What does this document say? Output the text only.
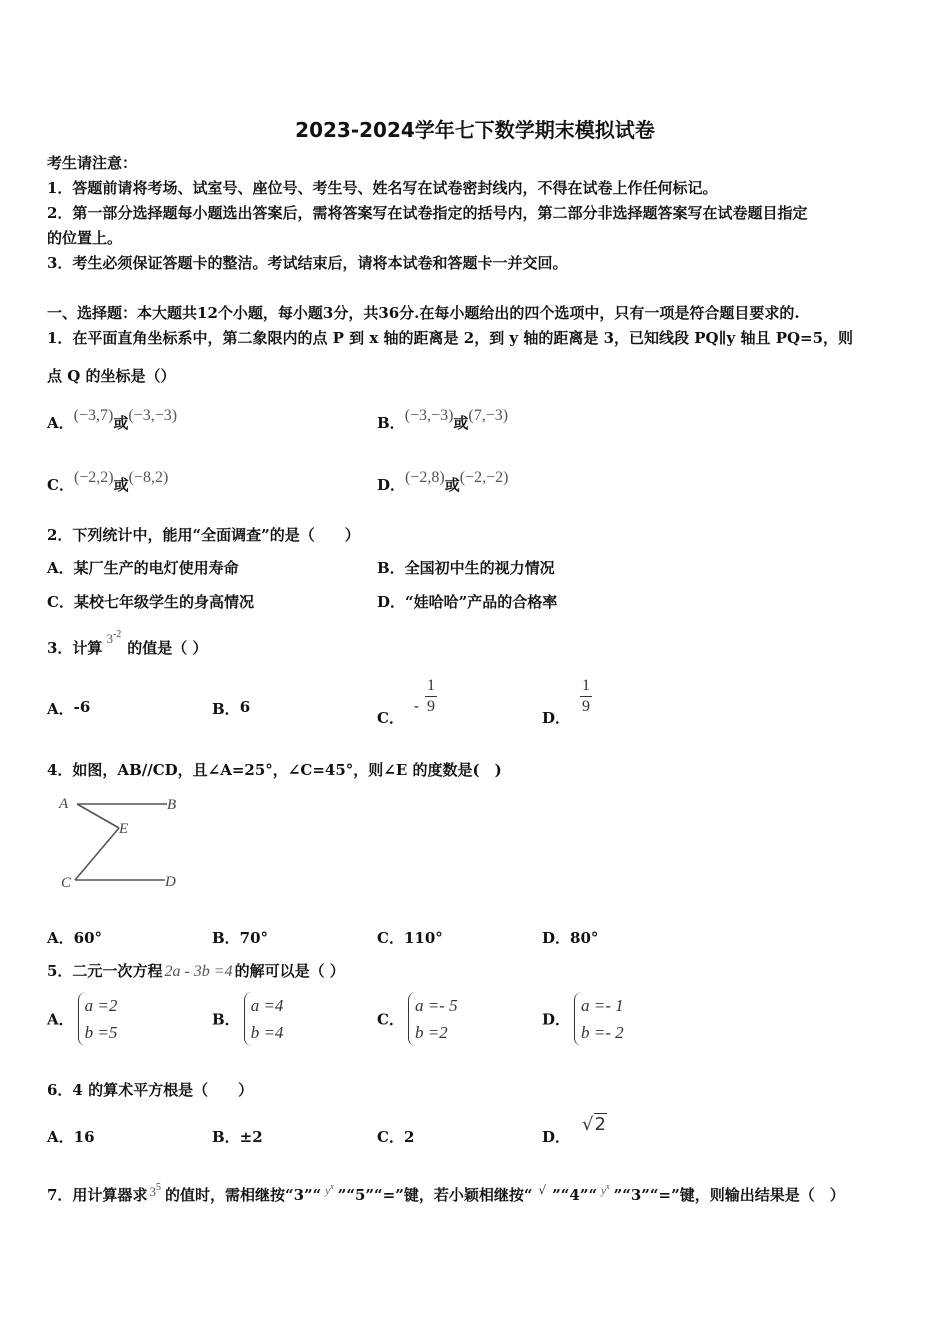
2023-2024学年七下数学期末模拟试卷
考生请注意：
1．答题前请将考场、试室号、座位号、考生号、姓名写在试卷密封线内，不得在试卷上作任何标记。
2．第一部分选择题每小题选出答案后，需将答案写在试卷指定的括号内，第二部分非选择题答案写在试卷题目指定
的位置上。
3．考生必须保证答题卡的整洁。考试结束后，请将本试卷和答题卡一并交回。
一、选择题：本大题共12个小题，每小题3分，共36分.在每小题给出的四个选项中，只有一项是符合题目要求的.
1．在平面直角坐标系中，第二象限内的点 P 到 x 轴的距离是 2，到 y 轴的距离是 3，已知线段 PQ∥y 轴且 PQ=5，则
点 Q 的坐标是（）
A．(−3,7)或(−3,−3)	B．(−3,−3)或(7,−3)
C．(−2,2)或(−8,2)	D．(−2,8)或(−2,−2)
2．下列统计中，能用“全面调查”的是（　　）
A．某厂生产的电灯使用寿命	B．全国初中生的视力情况
C．某校七年级学生的身高情况	D．“娃哈哈”产品的合格率
3．计算$3^{-2}$的值是（ ）
A．-6	B．6
C．- $\frac{1}{9}$
D．
$\frac{1}{9}$
4．如图，AB//CD，且∠A=25°，∠C=45°，则∠E 的度数是(　)
A	B
E
C	D
A．60°	B．70°	C．110°	D．80°
5．二元一次方程 2a - 3b =4 的解可以是（ ）
A．a =2
b =5
B．a =4
b =4
C．a =- 5
b =2
D．a =- 1
b =- 2
6．4 的算术平方根是（　　）
A．16	B．±2	C．2	D．√2
7．用计算器求 $3^5$ 的值时，需相继按“3”“ $^{yx}$ ”“5”“=”键，若小颖相继按“ √ ”“4”“ $^{yx}$ ”“3”“=”键，则输出结果是（　）
